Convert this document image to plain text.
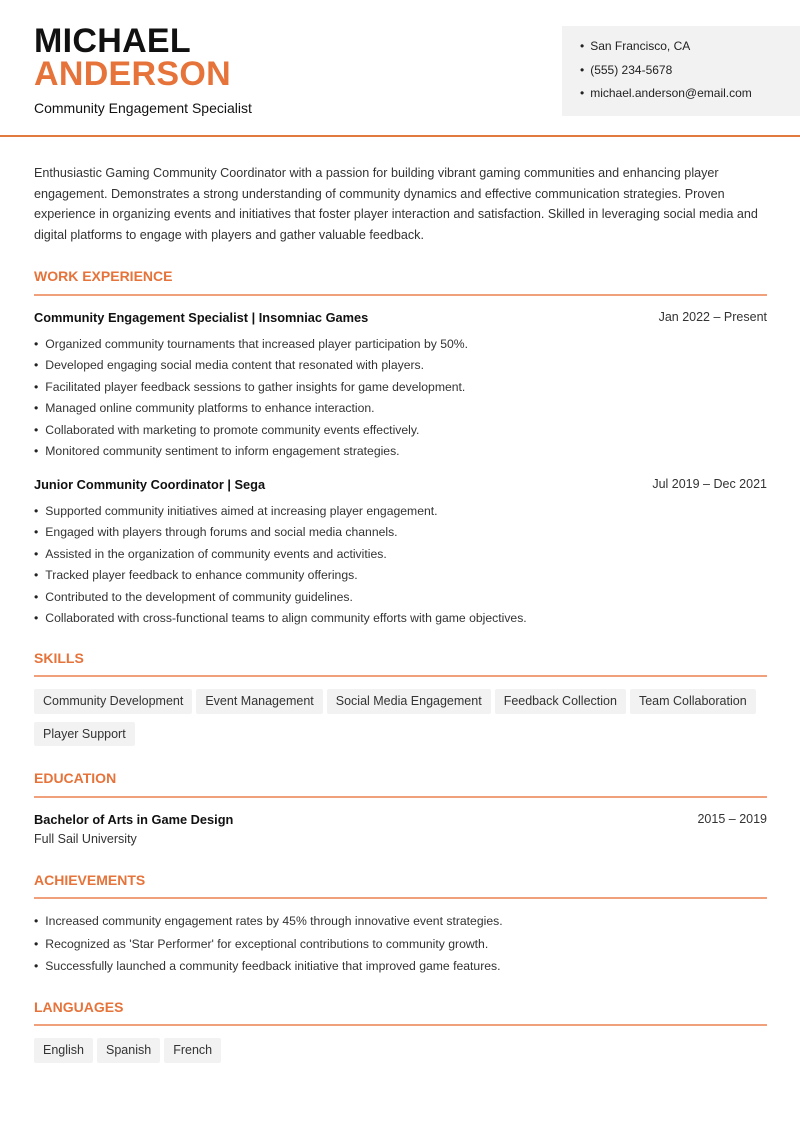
MICHAEL
ANDERSON
Community Engagement Specialist
• San Francisco, CA
• (555) 234-5678
• michael.anderson@email.com
Enthusiastic Gaming Community Coordinator with a passion for building vibrant gaming communities and enhancing player engagement. Demonstrates a strong understanding of community dynamics and effective communication strategies. Proven experience in organizing events and initiatives that foster player interaction and satisfaction. Skilled in leveraging social media and digital platforms to engage with players and gather valuable feedback.
WORK EXPERIENCE
Community Engagement Specialist | Insomniac Games	Jan 2022 – Present
• Organized community tournaments that increased player participation by 50%.
• Developed engaging social media content that resonated with players.
• Facilitated player feedback sessions to gather insights for game development.
• Managed online community platforms to enhance interaction.
• Collaborated with marketing to promote community events effectively.
• Monitored community sentiment to inform engagement strategies.
Junior Community Coordinator | Sega	Jul 2019 – Dec 2021
• Supported community initiatives aimed at increasing player engagement.
• Engaged with players through forums and social media channels.
• Assisted in the organization of community events and activities.
• Tracked player feedback to enhance community offerings.
• Contributed to the development of community guidelines.
• Collaborated with cross-functional teams to align community efforts with game objectives.
SKILLS
Community Development Event Management Social Media Engagement Feedback Collection Team CollaborationPlayer Support
EDUCATION
Bachelor of Arts in Game Design	2015 – 2019
Full Sail University
ACHIEVEMENTS
• Increased community engagement rates by 45% through innovative event strategies.
• Recognized as 'Star Performer' for exceptional contributions to community growth.
• Successfully launched a community feedback initiative that improved game features.
LANGUAGES
English Spanish French
